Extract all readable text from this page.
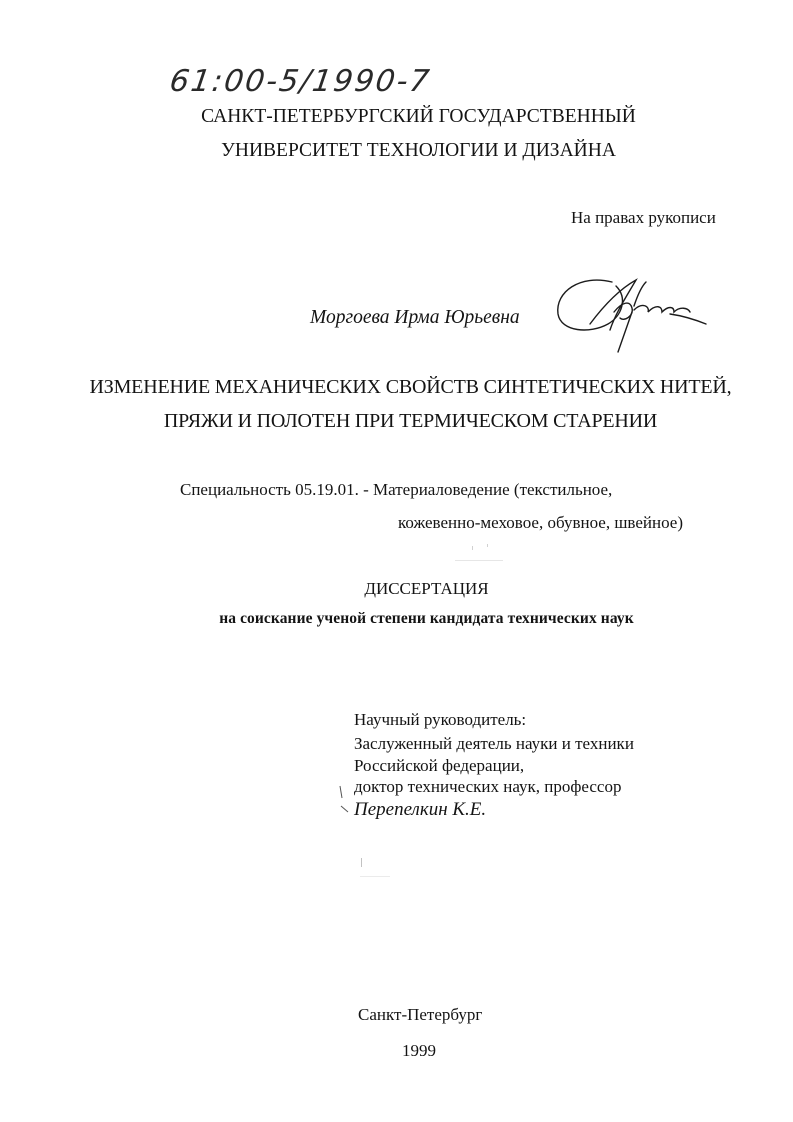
61:00-5/1990-7
САНКТ-ПЕТЕРБУРГСКИЙ ГОСУДАРСТВЕННЫЙ
УНИВЕРСИТЕТ ТЕХНОЛОГИИ И ДИЗАЙНА
На правах рукописи
Моргоева Ирма Юрьевна
ИЗМЕНЕНИЕ МЕХАНИЧЕСКИХ СВОЙСТВ СИНТЕТИЧЕСКИХ НИТЕЙ,
ПРЯЖИ И ПОЛОТЕН ПРИ ТЕРМИЧЕСКОМ СТАРЕНИИ
Специальность 05.19.01. - Материаловедение (текстильное,
кожевенно-меховое, обувное, швейное)
ДИССЕРТАЦИЯ
на соискание ученой степени кандидата технических наук
Научный руководитель:
Заслуженный деятель науки и техники
Российской федерации,
доктор технических наук, профессор
Перепелкин К.Е.
Санкт-Петербург
1999
